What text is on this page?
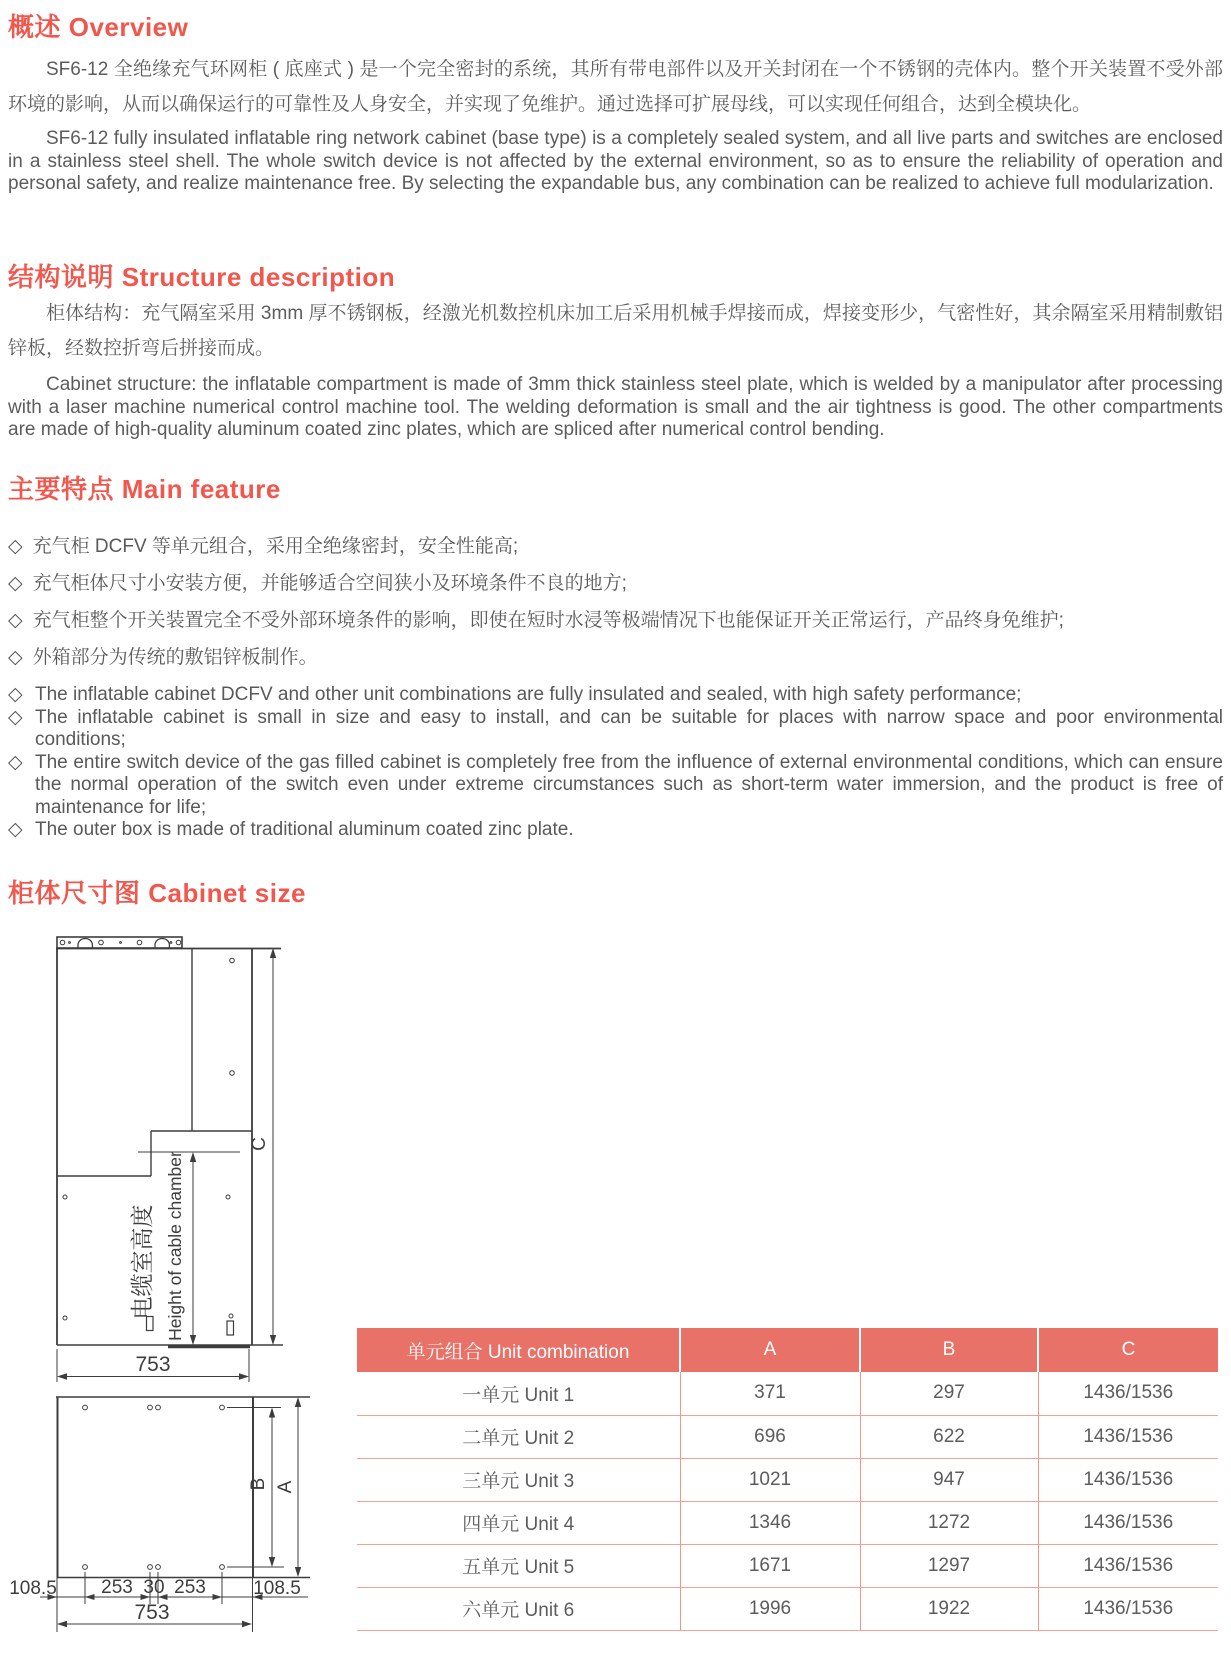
概述 Overview

SF6-12 全绝缘充气环网柜 ( 底座式 ) 是一个完全密封的系统，其所有带电部件以及开关封闭在一个不锈钢的壳体内。整个开关装置不受外部环境的影响，从而以确保运行的可靠性及人身安全，并实现了免维护。通过选择可扩展母线，可以实现任何组合，达到全模块化。

SF6-12 fully insulated inflatable ring network cabinet (base type) is a completely sealed system, and all live parts and switches are enclosed in a stainless steel shell. The whole switch device is not affected by the external environment, so as to ensure the reliability of operation and personal safety, and realize maintenance free. By selecting the expandable bus, any combination can be realized to achieve full modularization.

结构说明 Structure description

柜体结构：充气隔室采用 3mm 厚不锈钢板，经激光机数控机床加工后采用机械手焊接而成，焊接变形少，气密性好，其余隔室采用精制敷铝锌板，经数控折弯后拼接而成。

Cabinet structure: the inflatable compartment is made of 3mm thick stainless steel plate, which is welded by a manipulator after processing with a laser machine numerical control machine tool. The welding deformation is small and the air tightness is good. The other compartments are made of high-quality aluminum coated zinc plates, which are spliced after numerical control bending.

主要特点 Main feature
◇ 充气柜 DCFV 等单元组合，采用全绝缘密封，安全性能高;
◇ 充气柜体尺寸小安装方便，并能够适合空间狭小及环境条件不良的地方;
◇ 充气柜整个开关装置完全不受外部环境条件的影响，即使在短时水浸等极端情况下也能保证开关正常运行，产品终身免维护;
◇ 外箱部分为传统的敷铝锌板制作。
◇ The inflatable cabinet DCFV and other unit combinations are fully insulated and sealed, with high safety performance;
◇ The inflatable cabinet is small in size and easy to install, and can be suitable for places with narrow space and poor environmental conditions;
◇ The entire switch device of the gas filled cabinet is completely free from the influence of external environmental conditions, which can ensure the normal operation of the switch even under extreme circumstances such as short-term water immersion, and the product is free of maintenance for life;
◇ The outer box is made of traditional aluminum coated zinc plate.
柜体尺寸图 Cabinet size
电缆室高度 Height of cable chamber
C
753
B A
108.5 253 30 253 108.5
753
单元组合 Unit combination	A	B	C
一单元 Unit 1	371	297	1436/1536
二单元 Unit 2	696	622	1436/1536
三单元 Unit 3	1021	947	1436/1536
四单元 Unit 4	1346	1272	1436/1536
五单元 Unit 5	1671	1297	1436/1536
六单元 Unit 6	1996	1922	1436/1536
